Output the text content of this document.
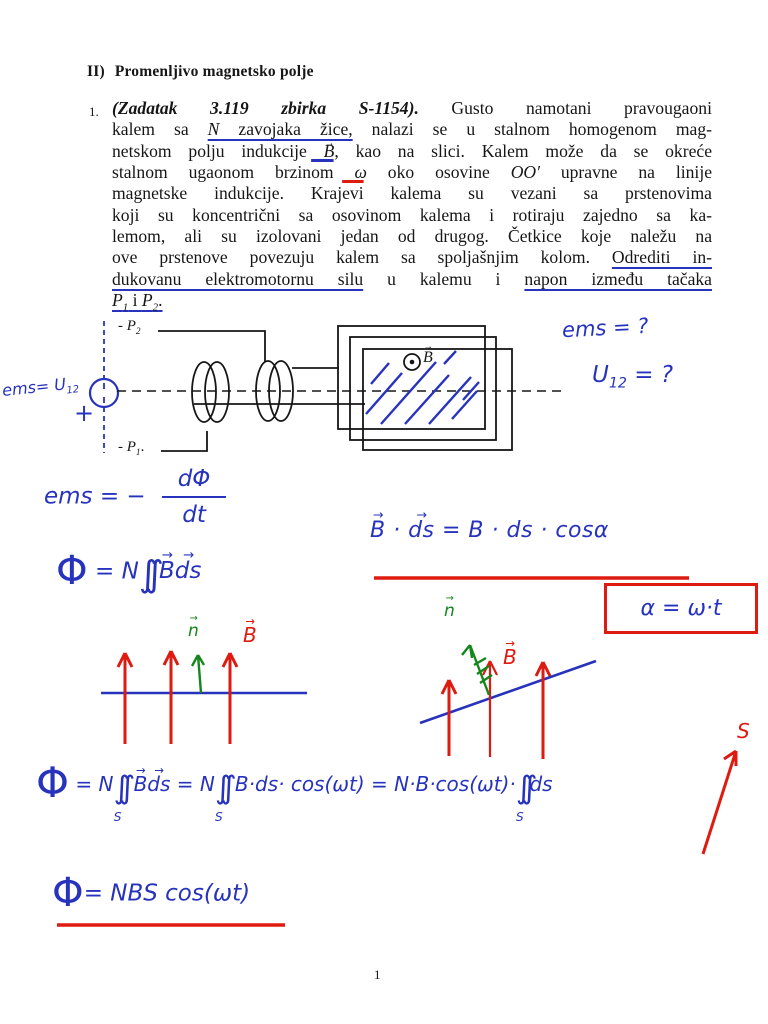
II) Promenljivo magnetsko polje
1. (Zadatak 3.119 zbirka S-1154). Gusto namotani pravougaoni
kalem sa N zavojaka žice, nalazi se u stalnom homogenom mag-
netskom polju indukcije B →, kao na slici. Kalem može da se okreće
stalnom ugaonom $brzin\overline{om}$ ω oko osovine OO′ upravne na linije
magnetske indukcije. $Kraj\overline{evi}$ kalema su vezani sa prstenovima
koji su koncentrični sa osovinom kalema i rotiraju zajedno sa ka-
lemom, ali su izolovani jedan od drugog. Četkice koje naležu na
ove prstenove povezuju kalem sa spoljašnjim kolom. Odrediti in-
dukovanu elektromotornu silu u kalemu i napon između tačaka
$P_1$ i $P_2$.
- $P_2$
- $P_1$.
B →
$ems= U_{12}$
+
ems = ?
$U_{12}$ = ?
ems = − $\frac{d\Phi}{dt}$
Φ = N∫∫ B →ds →
B → · ds → = B · ds · cosα
α = ω·t
$\Phi = N\int\int_S$ B →ds → = $N\int\int_S$ $B\cdot ds\cdot \cos(\omega t) = N\cdot B\cdot\cos(\omega t)\cdot\int\int_Sds$
Φ= NBS cos(ωt)
n → B →
n →
B →
S
1
